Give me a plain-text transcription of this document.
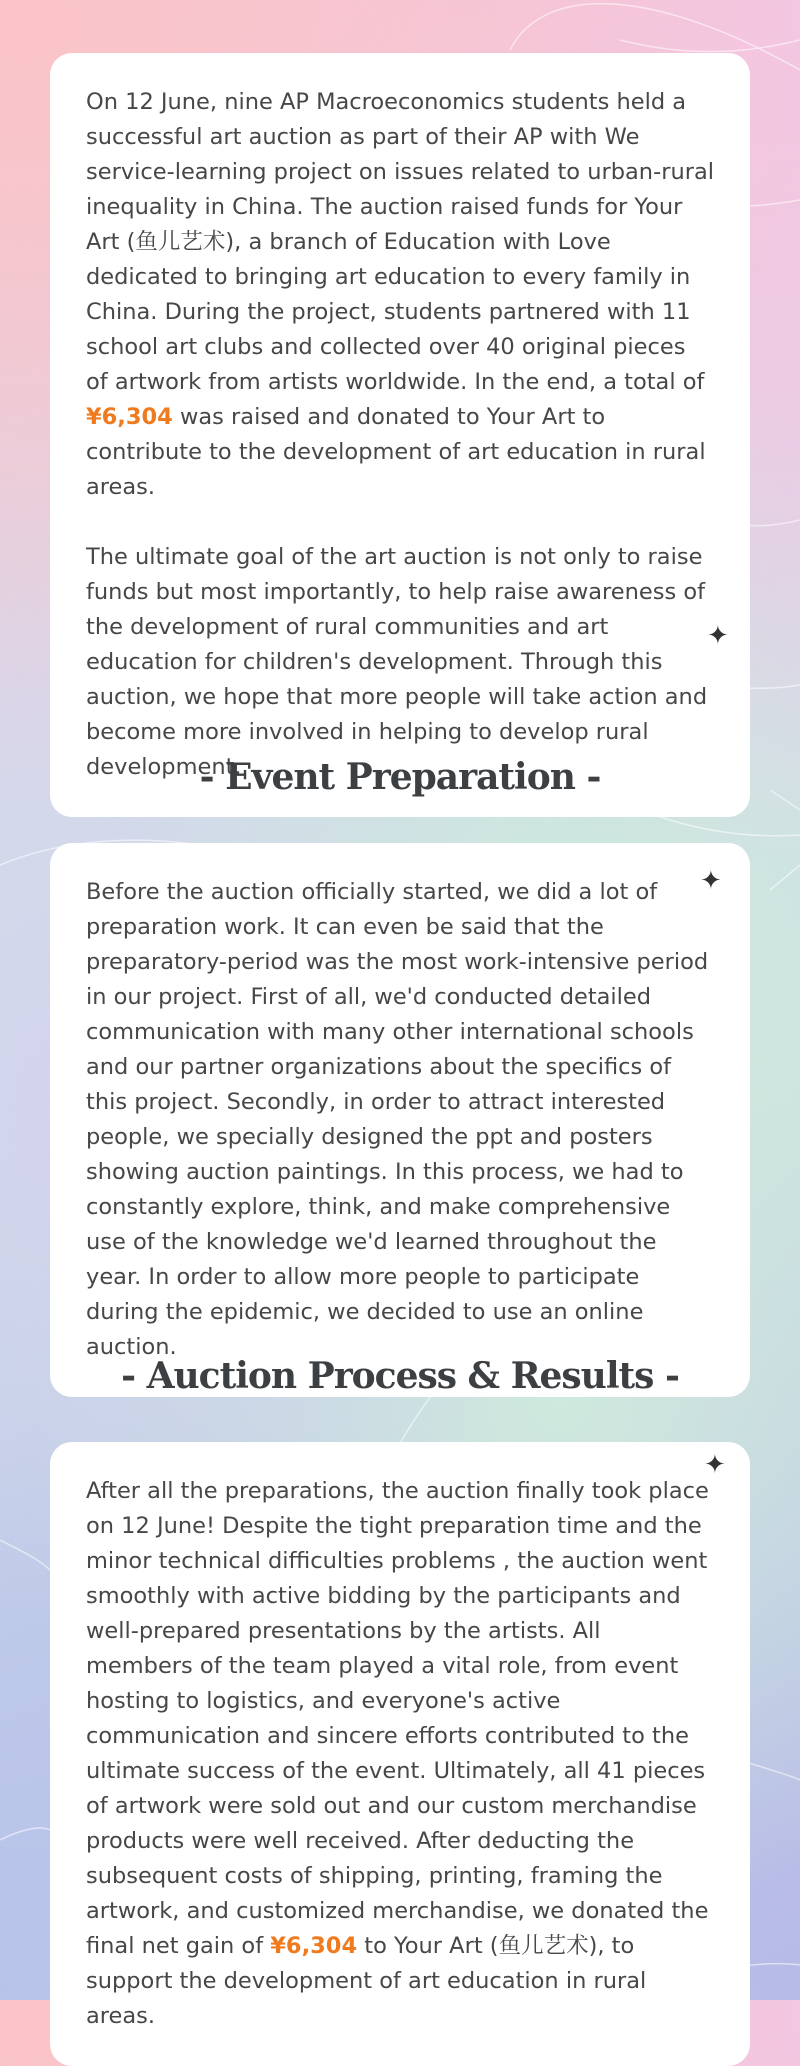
On 12 June, nine AP Macroeconomics students held a successful art auction as part of their AP with We service-learning project on issues related to urban-rural inequality in China. The auction raised funds for Your Art (鱼儿艺术), a branch of Education with Love dedicated to bringing art education to every family in China. During the project, students partnered with 11 school art clubs and collected over 40 original pieces of artwork from artists worldwide. In the end, a total of ¥6,304 was raised and donated to Your Art to contribute to the development of art education in rural areas.

The ultimate goal of the art auction is not only to raise funds but most importantly, to help raise awareness of the development of rural communities and art education for children's development. Through this auction, we hope that more people will take action and become more involved in helping to develop rural development.

✦
- Event Preparation -

Before the auction officially started, we did a lot of preparation work. It can even be said that the preparatory-period was the most work-intensive period in our project. First of all, we'd conducted detailed communication with many other international schools and our partner organizations about the specifics of this project. Secondly, in order to attract interested people, we specially designed the ppt and posters showing auction paintings. In this process, we had to constantly explore, think, and make comprehensive use of the knowledge we'd learned throughout the year. In order to allow more people to participate during the epidemic, we decided to use an online auction.

✦
- Auction Process & Results -

After all the preparations, the auction finally took place on 12 June! Despite the tight preparation time and the minor technical difficulties problems , the auction went smoothly with active bidding by the participants and well-prepared presentations by the artists. All members of the team played a vital role, from event hosting to logistics, and everyone's active communication and sincere efforts contributed to the ultimate success of the event. Ultimately, all 41 pieces of artwork were sold out and our custom merchandise products were well received. After deducting the subsequent costs of shipping, printing, framing the artwork, and customized merchandise, we donated the final net gain of ¥6,304 to Your Art (鱼儿艺术), to support the development of art education in rural areas.

✦
